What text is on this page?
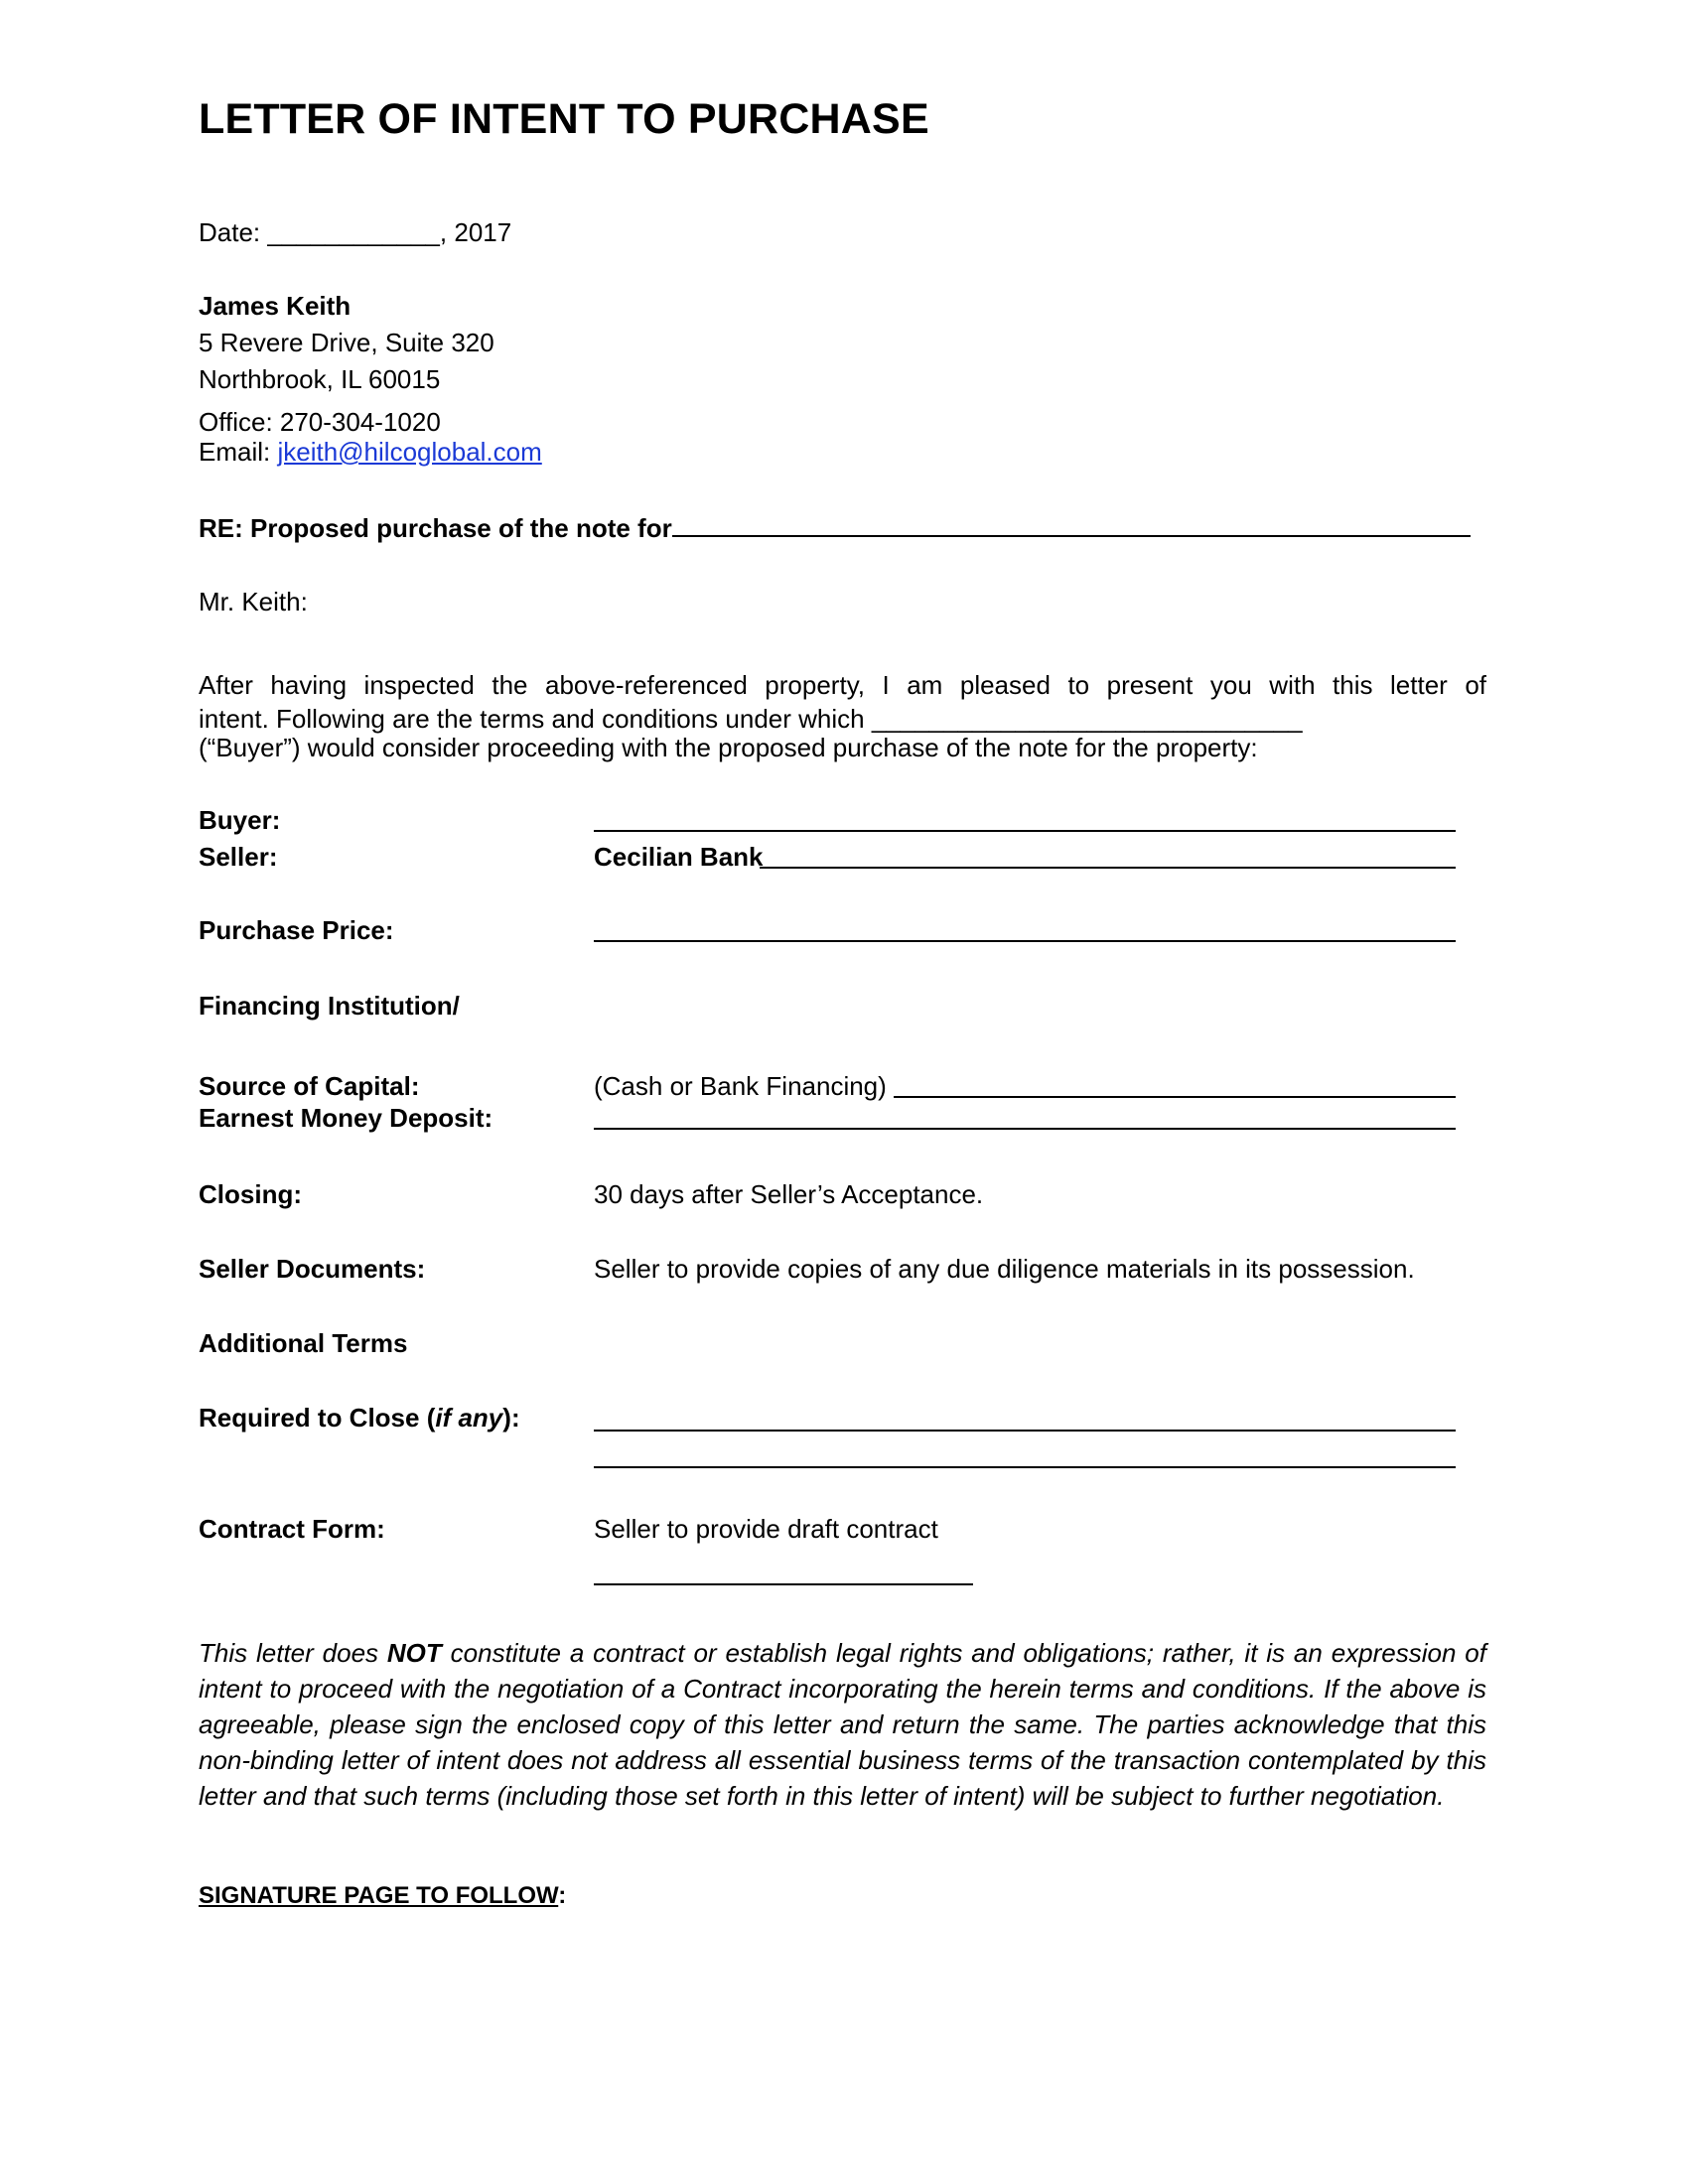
LETTER OF INTENT TO PURCHASE
Date: ____________, 2017
James Keith
5 Revere Drive, Suite 320
Northbrook, IL 60015
Office: 270-304-1020
Email: jkeith@hilcoglobal.com
RE: Proposed purchase of the note for
Mr. Keith:
After having inspected the above-referenced property, I am pleased to present you with this letter of
intent. Following are the terms and conditions under which ______________________________
(“Buyer”) would consider proceeding with the proposed purchase of the note for the property:
Buyer:
Seller:	Cecilian Bank
Purchase Price:
Financing Institution/
Source of Capital:	(Cash or Bank Financing)
Earnest Money Deposit:
Closing:	30 days after Seller’s Acceptance.
Seller Documents:	Seller to provide copies of any due diligence materials in its possession.
Additional Terms
Required to Close (if any):
Contract Form:	Seller to provide draft contract
This letter does NOT constitute a contract or establish legal rights and obligations; rather, it is an expression of intent to proceed with the negotiation of a Contract incorporating the herein terms and conditions. If the above is agreeable, please sign the enclosed copy of this letter and return the same. The parties acknowledge that this non-binding letter of intent does not address all essential business terms of the transaction contemplated by this letter and that such terms (including those set forth in this letter of intent) will be subject to further negotiation.
SIGNATURE PAGE TO FOLLOW:
